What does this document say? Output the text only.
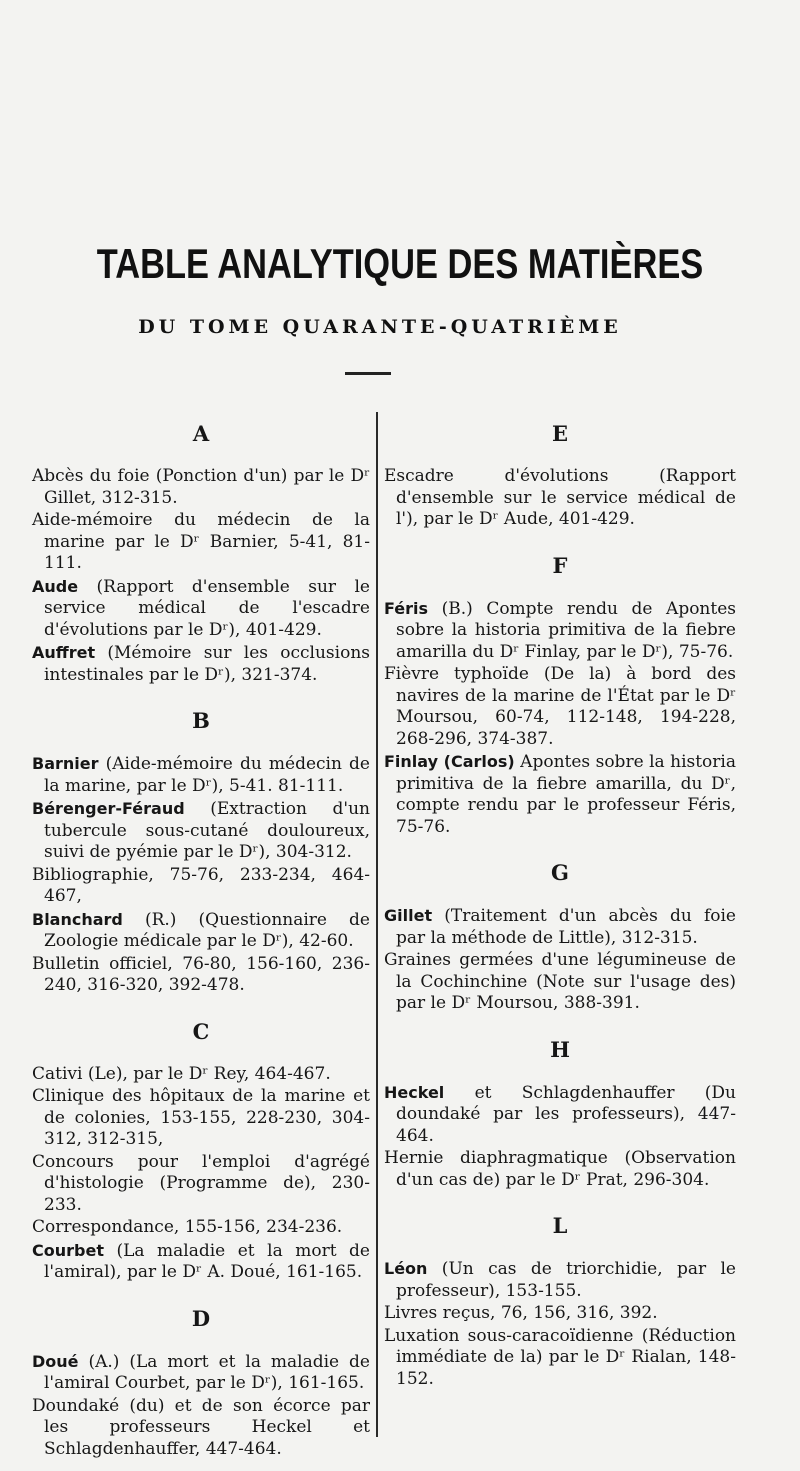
TABLE ANALYTIQUE DES MATIÈRES
DU TOME QUARANTE-QUATRIÈME
A
Abcès du foie (Ponction d'un) par le Dʳ Gillet, 312-315.
Aide-mémoire du médecin de la marine par le Dʳ Barnier, 5-41, 81-111.
Aude (Rapport d'ensemble sur le service médical de l'escadre d'évolutions par le Dʳ), 401-429.
Auffret (Mémoire sur les occlusions intestinales par le Dʳ), 321-374.
B
Barnier (Aide-mémoire du médecin de la marine, par le Dʳ), 5-41. 81-111.
Bérenger-Féraud (Extraction d'un tubercule sous-cutané douloureux, suivi de pyémie par le Dʳ), 304-312.
Bibliographie, 75-76, 233-234, 464-467,
Blanchard (R.) (Questionnaire de Zoologie médicale par le Dʳ), 42-60.
Bulletin officiel, 76-80, 156-160, 236-240, 316-320, 392-478.
C
Cativi (Le), par le Dʳ Rey, 464-467.
Clinique des hôpitaux de la marine et de colonies, 153-155, 228-230, 304-312, 312-315,
Concours pour l'emploi d'agrégé d'histologie (Programme de), 230-233.
Correspondance, 155-156, 234-236.
Courbet (La maladie et la mort de l'amiral), par le Dʳ A. Doué, 161-165.
D
Doué (A.) (La mort et la maladie de l'amiral Courbet, par le Dʳ), 161-165.
Doundaké (du) et de son écorce par les professeurs Heckel et Schlagdenhauffer, 447-464.
E
Escadre d'évolutions (Rapport d'ensemble sur le service médical de l'), par le Dʳ Aude, 401-429.
F
Féris (B.) Compte rendu de Apontes sobre la historia primitiva de la fiebre amarilla du Dʳ Finlay, par le Dʳ), 75-76.
Fièvre typhoïde (De la) à bord des navires de la marine de l'État par le Dʳ Moursou, 60-74, 112-148, 194-228, 268-296, 374-387.
Finlay (Carlos) Apontes sobre la historia primitiva de la fiebre amarilla, du Dʳ, compte rendu par le professeur Féris, 75-76.
G
Gillet (Traitement d'un abcès du foie par la méthode de Little), 312-315.
Graines germées d'une légumineuse de la Cochinchine (Note sur l'usage des) par le Dʳ Moursou, 388-391.
H
Heckel et Schlagdenhauffer (Du doundaké par les professeurs), 447-464.
Hernie diaphragmatique (Observation d'un cas de) par le Dʳ Prat, 296-304.
L
Léon (Un cas de triorchidie, par le professeur), 153-155.
Livres reçus, 76, 156, 316, 392.
Luxation sous-caracoïdienne (Réduction immédiate de la) par le Dʳ Rialan, 148-152.
